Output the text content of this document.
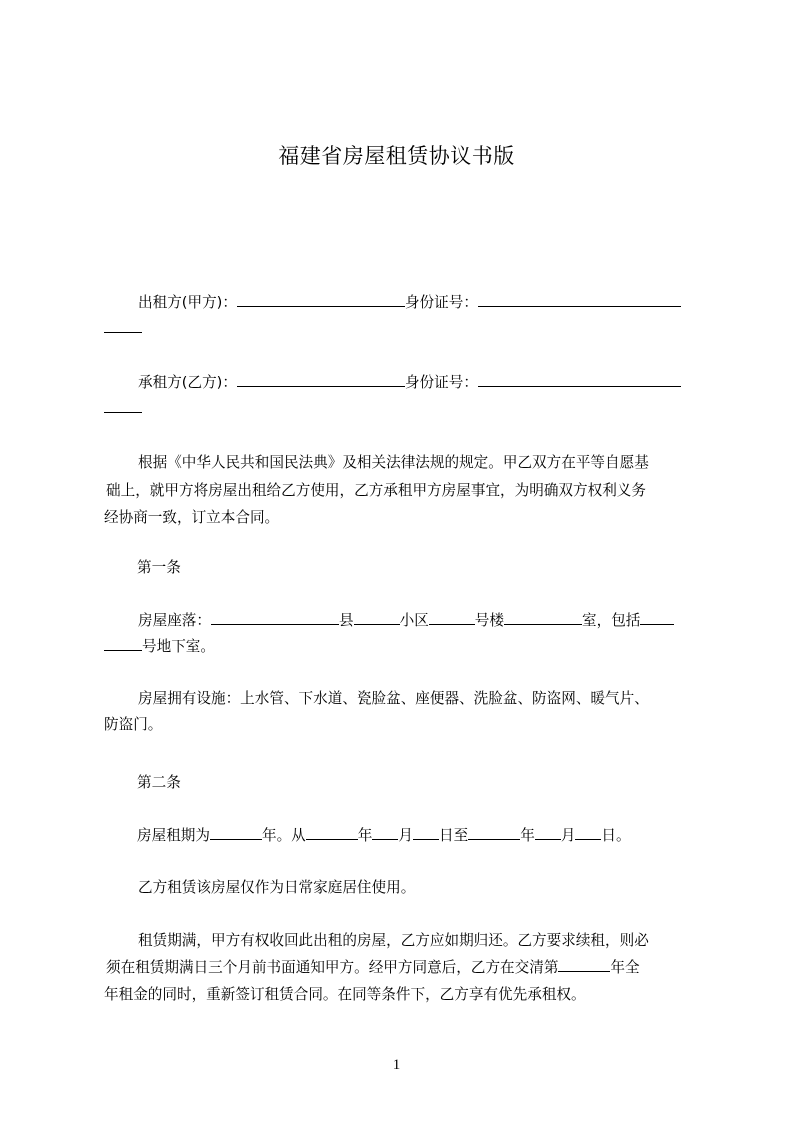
福建省房屋租赁协议书版
出租方(甲方)：	身份证号：
承租方(乙方)：	身份证号：
根据《中华人民共和国民法典》及相关法律法规的规定。甲乙双方在平等自愿基
础上，就甲方将房屋出租给乙方使用，乙方承租甲方房屋事宜，为明确双方权利义务
经协商一致，订立本合同。
第一条
房屋座落：	县	小区	号楼	室，包括
号地下室。
房屋拥有设施：上水管、下水道、瓷脸盆、座便器、洗脸盆、防盗网、暖气片、
防盗门。
第二条
房屋租期为	年。从	年 月 日至	年 月 日。
乙方租赁该房屋仅作为日常家庭居住使用。
租赁期满，甲方有权收回此出租的房屋，乙方应如期归还。乙方要求续租，则必
须在租赁期满日三个月前书面通知甲方。经甲方同意后，乙方在交清第	年全
年租金的同时，重新签订租赁合同。在同等条件下，乙方享有优先承租权。
1
